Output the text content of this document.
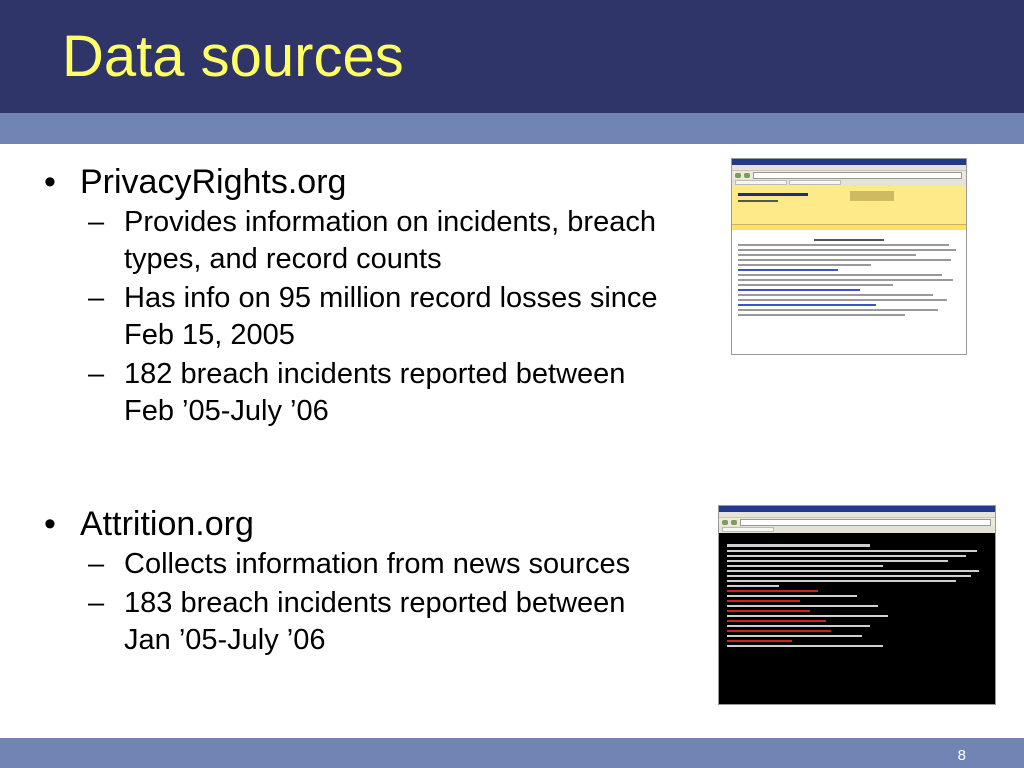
Data sources
• PrivacyRights.org
– Provides information on incidents, breach types, and record counts
– Has info on 95 million record losses since Feb 15, 2005
– 182 breach incidents reported between Feb ’05-July ’06
• Attrition.org
– Collects information from news sources
– 183 breach incidents reported between Jan ’05-July ’06
8
